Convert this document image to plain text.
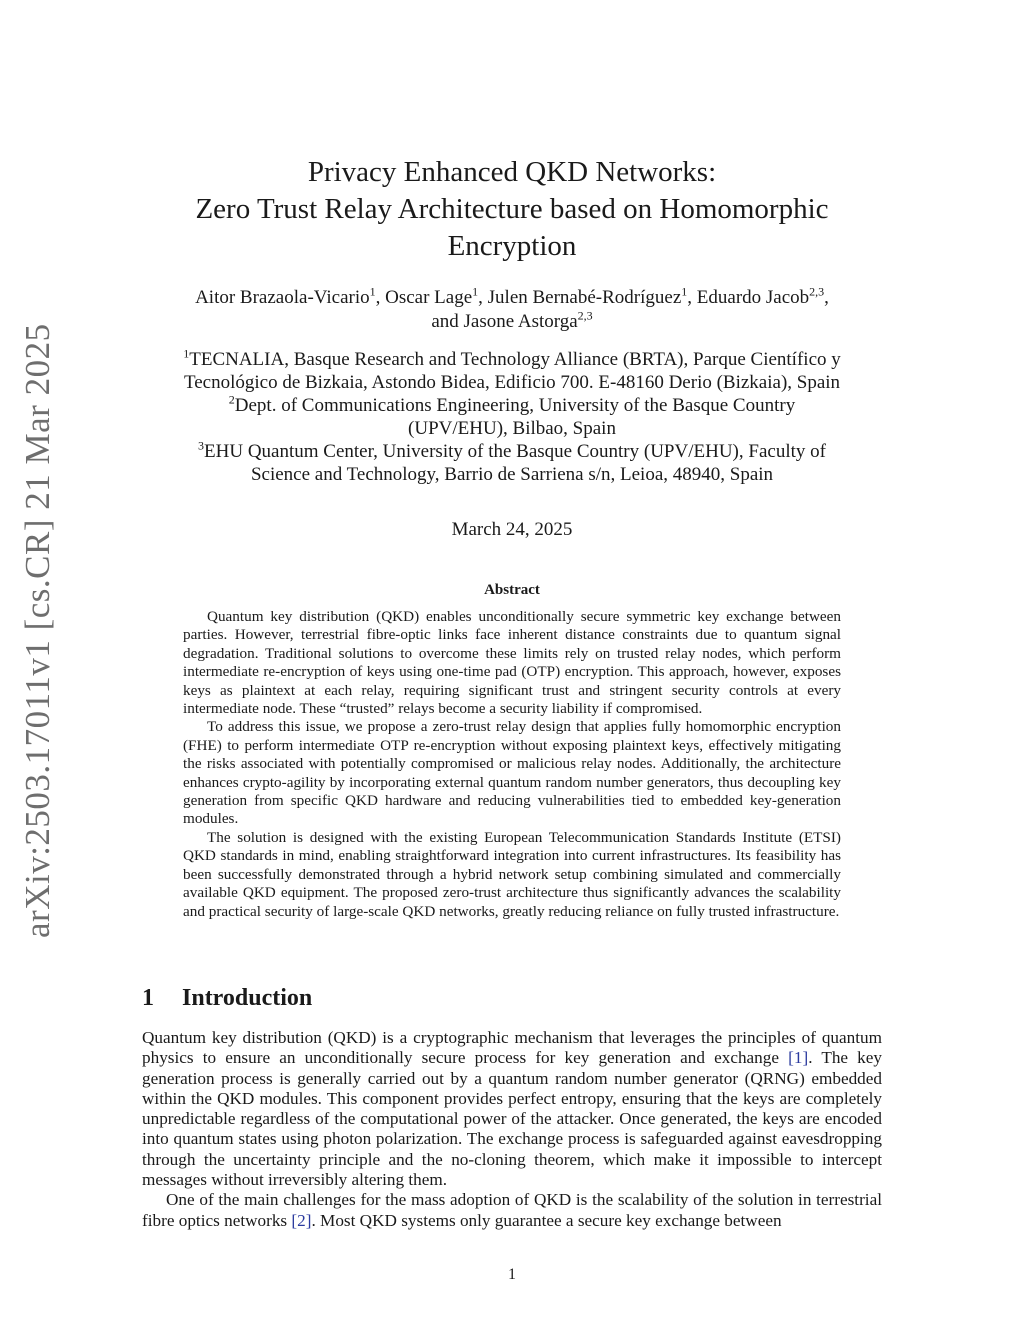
arXiv:2503.17011v1 [cs.CR] 21 Mar 2025
Privacy Enhanced QKD Networks:
Zero Trust Relay Architecture based on Homomorphic
Encryption
Aitor Brazaola-Vicario$^1$, Oscar Lage$^1$, Julen Bernabé-Rodríguez$^1$, Eduardo Jacob$^{2,3}$,
and Jasone Astorga$^{2,3}$
$^1$TECNALIA, Basque Research and Technology Alliance (BRTA), Parque Científico y
Tecnológico de Bizkaia, Astondo Bidea, Edificio 700. E-48160 Derio (Bizkaia), Spain
$^2$Dept. of Communications Engineering, University of the Basque Country
(UPV/EHU), Bilbao, Spain
$^3$EHU Quantum Center, University of the Basque Country (UPV/EHU), Faculty of
Science and Technology, Barrio de Sarriena s/n, Leioa, 48940, Spain
March 24, 2025
Abstract

Quantum key distribution (QKD) enables unconditionally secure symmetric key exchange between parties. However, terrestrial fibre-optic links face inherent distance constraints due to quantum signal degradation. Traditional solutions to overcome these limits rely on trusted relay nodes, which perform intermediate re-encryption of keys using one-time pad (OTP) encryption. This approach, however, exposes keys as plaintext at each relay, requiring significant trust and stringent security controls at every intermediate node. These “trusted” relays become a security liability if compromised.

To address this issue, we propose a zero-trust relay design that applies fully homomorphic encryption (FHE) to perform intermediate OTP re-encryption without exposing plaintext keys, effectively mitigating the risks associated with potentially compromised or malicious relay nodes. Additionally, the architecture enhances crypto-agility by incorporating external quantum random number generators, thus decoupling key generation from specific QKD hardware and reducing vulnerabilities tied to embedded key-generation modules.

The solution is designed with the existing European Telecommunication Standards Institute (ETSI) QKD standards in mind, enabling straightforward integration into current infrastructures. Its feasibility has been successfully demonstrated through a hybrid network setup combining simulated and commercially available QKD equipment. The proposed zero-trust architecture thus significantly advances the scalability and practical security of large-scale QKD networks, greatly reducing reliance on fully trusted infrastructure.

1 Introduction

Quantum key distribution (QKD) is a cryptographic mechanism that leverages the principles of quantum physics to ensure an unconditionally secure process for key generation and exchange [1]. The key generation process is generally carried out by a quantum random number generator (QRNG) embedded within the QKD modules. This component provides perfect entropy, ensuring that the keys are completely unpredictable regardless of the computational power of the attacker. Once generated, the keys are encoded into quantum states using photon polarization. The exchange process is safeguarded against eavesdropping through the uncertainty principle and the no-cloning theorem, which make it impossible to intercept messages without irreversibly altering them.

One of the main challenges for the mass adoption of QKD is the scalability of the solution in terrestrial fibre optics networks [2]. Most QKD systems only guarantee a secure key exchange between

1
